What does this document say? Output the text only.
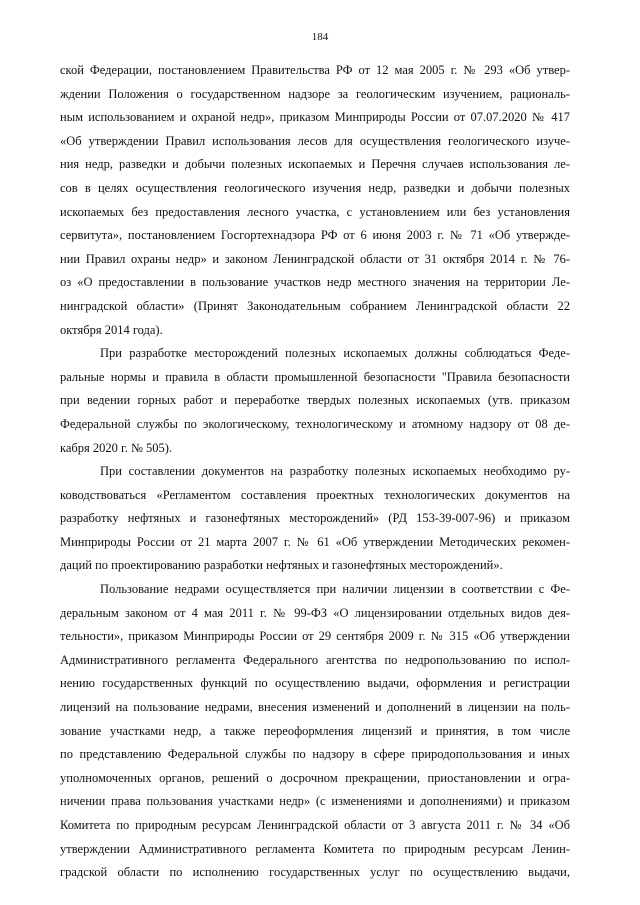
184
ской Федерации, постановлением Правительства РФ от 12 мая 2005 г. № 293 «Об утвер-
ждении Положения о государственном надзоре за геологическим изучением, рациональ-
ным использованием и охраной недр», приказом Минприроды России от 07.07.2020 № 417
«Об утверждении Правил использования лесов для осуществления геологического изуче-
ния недр, разведки и добычи полезных ископаемых и Перечня случаев использования ле-
сов в целях осуществления геологического изучения недр, разведки и добычи полезных
ископаемых без предоставления лесного участка, с установлением или без установления
сервитута», постановлением Госгортехнадзора РФ от 6 июня 2003 г. № 71 «Об утвержде-
нии Правил охраны недр» и законом Ленинградской области от 31 октября 2014 г. № 76-
оз «О предоставлении в пользование участков недр местного значения на территории Ле-
нинградской области» (Принят Законодательным собранием Ленинградской области 22
октября 2014 года).
При разработке месторождений полезных ископаемых должны соблюдаться Феде-
ральные нормы и правила в области промышленной безопасности "Правила безопасности
при ведении горных работ и переработке твердых полезных ископаемых (утв. приказом
Федеральной службы по экологическому, технологическому и атомному надзору от 08 де-
кабря 2020 г. № 505).
При составлении документов на разработку полезных ископаемых необходимо ру-
ководствоваться «Регламентом составления проектных технологических документов на
разработку нефтяных и газонефтяных месторождений» (РД 153-39-007-96) и приказом
Минприроды России от 21 марта 2007 г. № 61 «Об утверждении Методических рекомен-
даций по проектированию разработки нефтяных и газонефтяных месторождений».
Пользование недрами осуществляется при наличии лицензии в соответствии с Фе-
деральным законом от 4 мая 2011 г. № 99-ФЗ «О лицензировании отдельных видов дея-
тельности», приказом Минприроды России от 29 сентября 2009 г. № 315 «Об утверждении
Административного регламента Федерального агентства по недропользованию по испол-
нению государственных функций по осуществлению выдачи, оформления и регистрации
лицензий на пользование недрами, внесения изменений и дополнений в лицензии на поль-
зование участками недр, а также переоформления лицензий и принятия, в том числе
по представлению Федеральной службы по надзору в сфере природопользования и иных
уполномоченных органов, решений о досрочном прекращении, приостановлении и огра-
ничении права пользования участками недр» (с изменениями и дополнениями) и приказом
Комитета по природным ресурсам Ленинградской области от 3 августа 2011 г. № 34 «Об
утверждении Административного регламента Комитета по природным ресурсам Ленин-
градской области по исполнению государственных услуг по осуществлению выдачи,
